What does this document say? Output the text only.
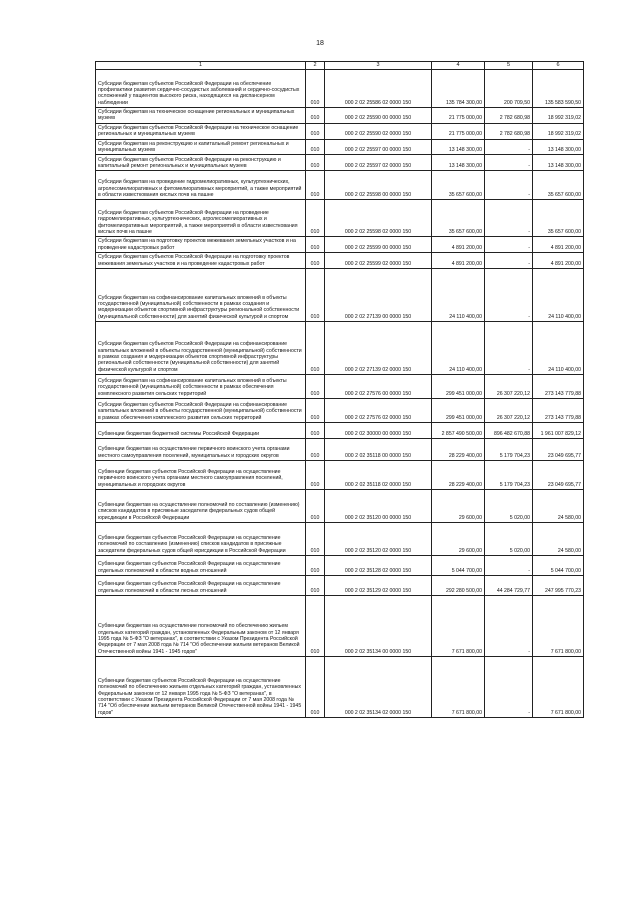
18
1	2	3	4	5	6
Субсидии бюджетам субъектов Российской Федерации на обеспечение профилактики развития сердечно-сосудистых заболеваний и сердечно-сосудистых осложнений у пациентов высокого риска, находящихся на диспансерном наблюдении	010	000 2 02 25586 02 0000 150	135 784 300,00	200 709,50	135 583 590,50
Субсидии бюджетам на техническое оснащение региональных и муниципальных музеев	010	000 2 02 25590 00 0000 150	21 775 000,00	2 782 680,98	18 992 319,02
Субсидии бюджетам субъектов Российской Федерации на техническое оснащение региональных и муниципальных музеев	010	000 2 02 25590 02 0000 150	21 775 000,00	2 782 680,98	18 992 319,02
Субсидии бюджетам на реконструкцию и капитальный ремонт региональных и муниципальных музеев	010	000 2 02 25597 00 0000 150	13 148 300,00	-	13 148 300,00
Субсидии бюджетам субъектов Российской Федерации на реконструкцию и капитальный ремонт региональных и муниципальных музеев	010	000 2 02 25597 02 0000 150	13 148 300,00	-	13 148 300,00
Субсидии бюджетам на проведение гидромелиоративных, культуртехнических, агролесомелиоративных и фитомелиоративных мероприятий, а также мероприятий в области известкования кислых почв на пашне	010	000 2 02 25598 00 0000 150	35 657 600,00	-	35 657 600,00
Субсидии бюджетам субъектов Российской Федерации на проведение гидромелиоративных, культуртехнических, агролесомелиоративных и фитомелиоративных мероприятий, а также мероприятий в области известкования кислых почв на пашне	010	000 2 02 25598 02 0000 150	35 657 600,00	-	35 657 600,00
Субсидии бюджетам на подготовку проектов межевания земельных участков и на проведение кадастровых работ	010	000 2 02 25599 00 0000 150	4 891 200,00	-	4 891 200,00
Субсидии бюджетам субъектов Российской Федерации на подготовку проектов межевания земельных участков и на проведение кадастровых работ	010	000 2 02 25599 02 0000 150	4 891 200,00	-	4 891 200,00
Субсидии бюджетам на софинансирование капитальных вложений в объекты государственной (муниципальной) собственности в рамках создания и модернизации объектов спортивной инфраструктуры региональной собственности (муниципальной собственности) для занятий физической культурой и спортом	010	000 2 02 27139 00 0000 150	24 110 400,00	-	24 110 400,00
Субсидии бюджетам субъектов Российской Федерации на софинансирование капитальных вложений в объекты государственной (муниципальной) собственности в рамках создания и модернизации объектов спортивной инфраструктуры региональной собственности (муниципальной собственности) для занятий физической культурой и спортом	010	000 2 02 27139 02 0000 150	24 110 400,00	-	24 110 400,00
Субсидии бюджетам на софинансирование капитальных вложений в объекты государственной (муниципальной) собственности в рамках обеспечения комплексного развития сельских территорий	010	000 2 02 27576 00 0000 150	299 451 000,00	26 307 220,12	273 143 779,88
Субсидии бюджетам субъектов Российской Федерации на софинансирование капитальных вложений в объекты государственной (муниципальной) собственности в рамках обеспечения комплексного развития сельских территорий	010	000 2 02 27576 02 0000 150	299 451 000,00	26 307 220,12	273 143 779,88
Субвенции бюджетам бюджетной системы Российской Федерации	010	000 2 02 30000 00 0000 150	2 857 490 500,00	896 482 670,88	1 961 007 829,12
Субвенции бюджетам на осуществление первичного воинского учета органами местного самоуправления поселений, муниципальных и городских округов	010	000 2 02 35118 00 0000 150	28 229 400,00	5 179 704,23	23 049 695,77
Субвенции бюджетам субъектов Российской Федерации на осуществление первичного воинского учета органами местного самоуправления поселений, муниципальных и городских округов	010	000 2 02 35118 02 0000 150	28 229 400,00	5 179 704,23	23 049 695,77
Субвенции бюджетам на осуществление полномочий по составлению (изменению) списков кандидатов в присяжные заседатели федеральных судов общей юрисдикции в Российской Федерации	010	000 2 02 35120 00 0000 150	29 600,00	5 020,00	24 580,00
Субвенции бюджетам субъектов Российской Федерации на осуществление полномочий по составлению (изменению) списков кандидатов в присяжные заседатели федеральных судов общей юрисдикции в Российской Федерации	010	000 2 02 35120 02 0000 150	29 600,00	5 020,00	24 580,00
Субвенции бюджетам субъектов Российской Федерации на осуществление отдельных полномочий в области водных отношений	010	000 2 02 35128 02 0000 150	5 044 700,00	-	5 044 700,00
Субвенции бюджетам субъектов Российской Федерации на осуществление отдельных полномочий в области лесных отношений	010	000 2 02 35129 02 0000 150	292 280 500,00	44 284 729,77	247 995 770,23
Субвенции бюджетам на осуществление полномочий по обеспечению жильем отдельных категорий граждан, установленных Федеральным законом от 12 января 1995 года № 5-ФЗ "О ветеранах", в соответствии с Указом Президента Российской Федерации от 7 мая 2008 года № 714 "Об обеспечении жильем ветеранов Великой Отечественной войны 1941 - 1945 годов"	010	000 2 02 35134 00 0000 150	7 671 800,00	-	7 671 800,00
Субвенции бюджетам субъектов Российской Федерации на осуществление полномочий по обеспечению жильем отдельных категорий граждан, установленных Федеральным законом от 12 января 1995 года № 5-ФЗ "О ветеранах", в соответствии с Указом Президента Российской Федерации от 7 мая 2008 года № 714 "Об обеспечении жильем ветеранов Великой Отечественной войны 1941 - 1945 годов"	010	000 2 02 35134 02 0000 150	7 671 800,00	-	7 671 800,00
